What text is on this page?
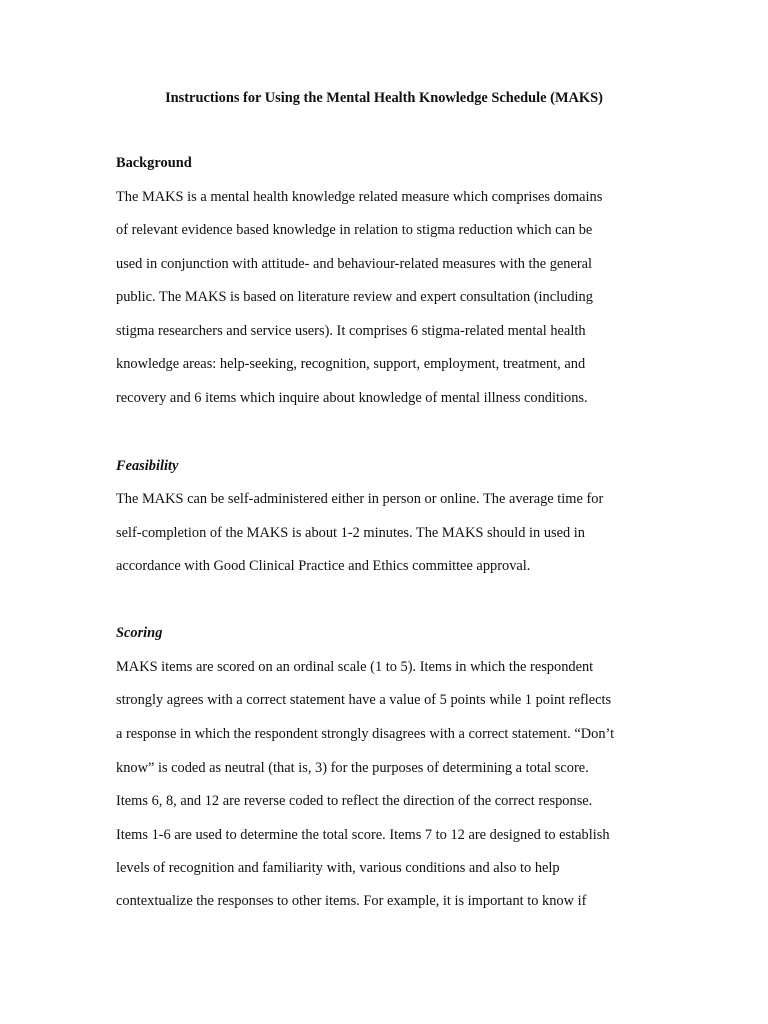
Instructions for Using the Mental Health Knowledge Schedule (MAKS)
Background
The MAKS is a mental health knowledge related measure which comprises domains
of relevant evidence based knowledge in relation to stigma reduction which can be
used in conjunction with attitude- and behaviour-related measures with the general
public. The MAKS is based on literature review and expert consultation (including
stigma researchers and service users). It comprises 6 stigma-related mental health
knowledge areas: help-seeking, recognition, support, employment, treatment, and
recovery and 6 items which inquire about knowledge of mental illness conditions.
Feasibility
The MAKS can be self-administered either in person or online. The average time for
self-completion of the MAKS is about 1-2 minutes. The MAKS should in used in
accordance with Good Clinical Practice and Ethics committee approval.
Scoring
MAKS items are scored on an ordinal scale (1 to 5). Items in which the respondent
strongly agrees with a correct statement have a value of 5 points while 1 point reflects
a response in which the respondent strongly disagrees with a correct statement. “Don’t
know” is coded as neutral (that is, 3) for the purposes of determining a total score.
Items 6, 8, and 12 are reverse coded to reflect the direction of the correct response.
Items 1-6 are used to determine the total score. Items 7 to 12 are designed to establish
levels of recognition and familiarity with, various conditions and also to help
contextualize the responses to other items. For example, it is important to know if
